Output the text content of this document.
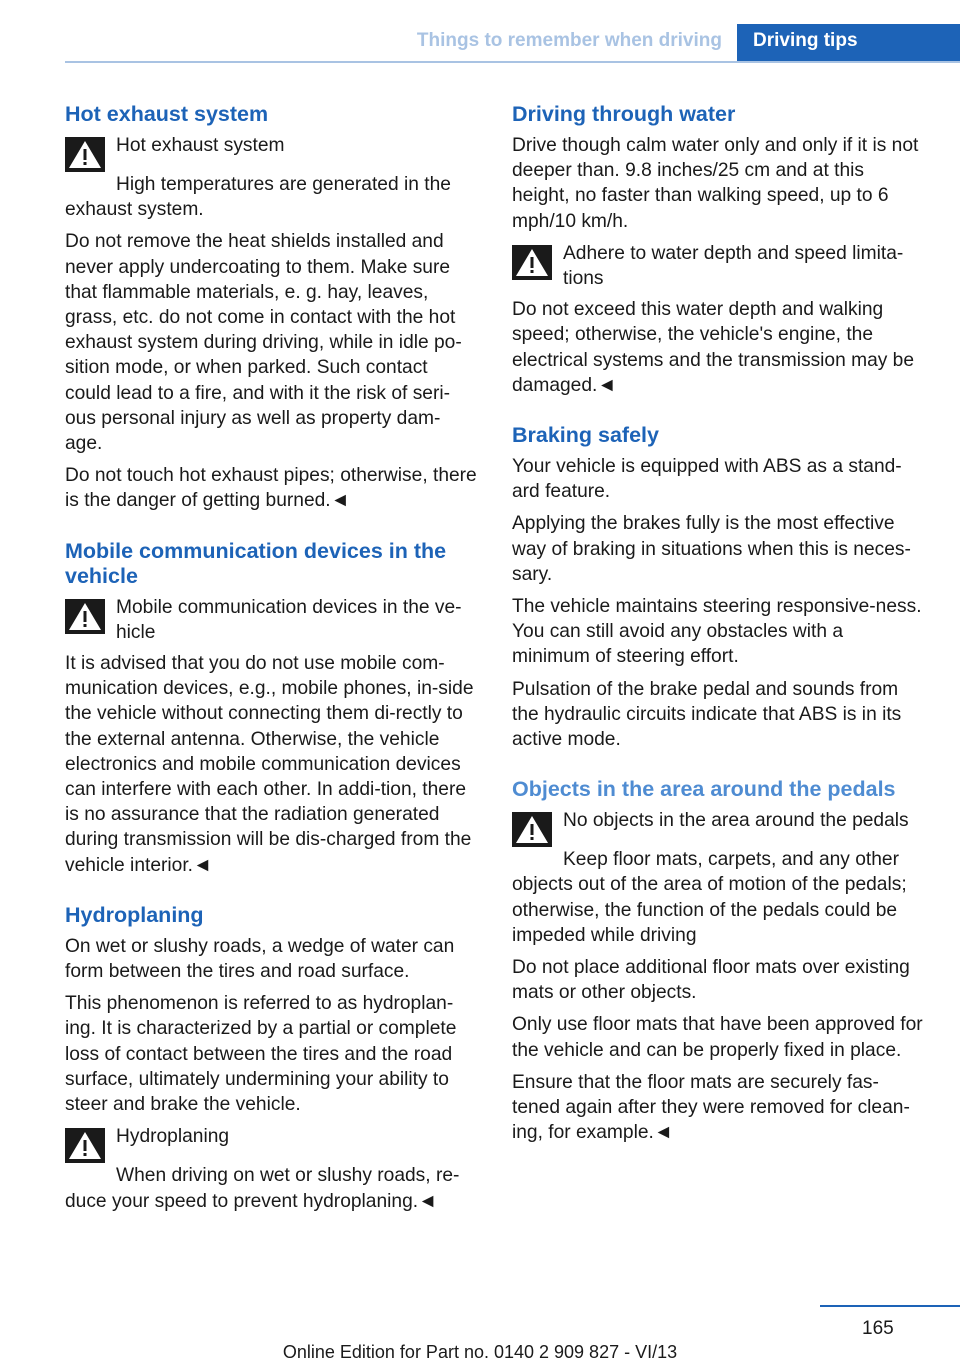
Things to remember when driving	Driving tips
Hot exhaust system

Hot exhaust system

High temperatures are generated in the exhaust system.

Do not remove the heat shields installed and never apply undercoating to them. Make sure that flammable materials, e. g. hay, leaves, grass, etc. do not come in contact with the hot exhaust system during driving, while in idle po-sition mode, or when parked. Such contact could lead to a fire, and with it the risk of seri-ous personal injury as well as property dam-age.

Do not touch hot exhaust pipes; otherwise, there is the danger of getting burned.◄

Mobile communication devices in the vehicle

Mobile communication devices in the ve-hicle

It is advised that you do not use mobile com-munication devices, e.g., mobile phones, in-side the vehicle without connecting them di-rectly to the external antenna. Otherwise, the vehicle electronics and mobile communication devices can interfere with each other. In addi-tion, there is no assurance that the radiation generated during transmission will be dis-charged from the vehicle interior.◄

Hydroplaning

On wet or slushy roads, a wedge of water can form between the tires and road surface.

This phenomenon is referred to as hydroplan-ing. It is characterized by a partial or complete loss of contact between the tires and the road surface, ultimately undermining your ability to steer and brake the vehicle.

Hydroplaning

When driving on wet or slushy roads, re-duce your speed to prevent hydroplaning.◄

Driving through water

Drive though calm water only and only if it is not deeper than. 9.8 inches/25 cm and at this height, no faster than walking speed, up to 6 mph/10 km/h.

Adhere to water depth and speed limita-tions

Do not exceed this water depth and walking speed; otherwise, the vehicle's engine, the electrical systems and the transmission may be damaged.◄

Braking safely

Your vehicle is equipped with ABS as a stand-ard feature.

Applying the brakes fully is the most effective way of braking in situations when this is neces-sary.

The vehicle maintains steering responsive-ness. You can still avoid any obstacles with a minimum of steering effort.

Pulsation of the brake pedal and sounds from the hydraulic circuits indicate that ABS is in its active mode.

Objects in the area around the pedals

No objects in the area around the pedals

Keep floor mats, carpets, and any other objects out of the area of motion of the pedals; otherwise, the function of the pedals could be impeded while driving

Do not place additional floor mats over existing mats or other objects.

Only use floor mats that have been approved for the vehicle and can be properly fixed in place.

Ensure that the floor mats are securely fas-tened again after they were removed for clean-ing, for example.◄

165
Online Edition for Part no. 0140 2 909 827 - VI/13
